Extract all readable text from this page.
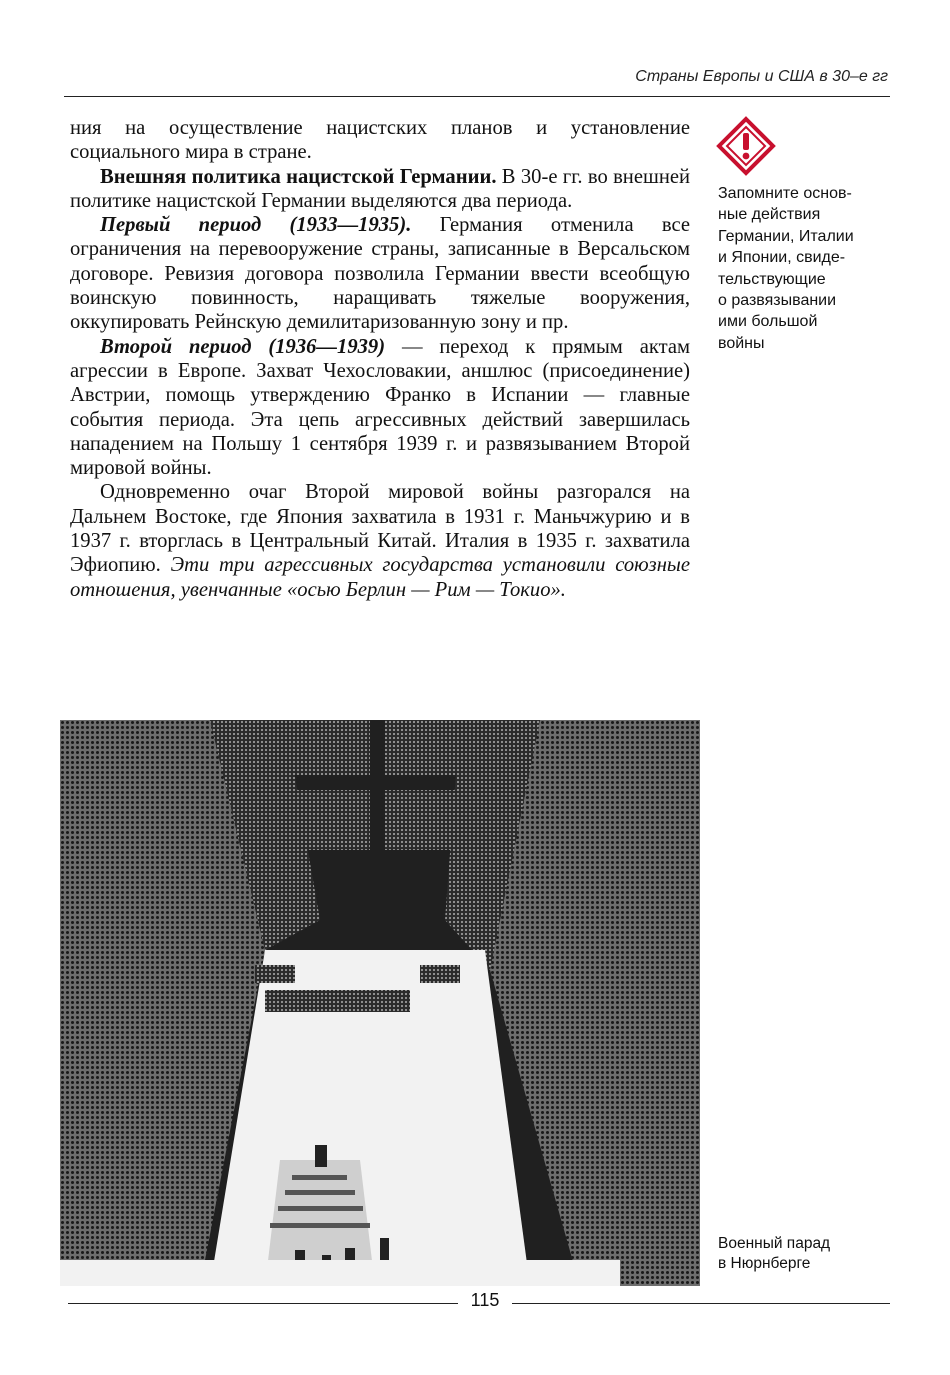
Страны Европы и США в 30–е гг

ния на осуществление нацистских планов и установление социального мира в стране.

Внешняя политика нацистской Германии. В 30-е гг. во внешней политике нацистской Германии выделяются два периода.

Первый период (1933—1935). Германия отменила все ограничения на перевооружение страны, записанные в Версальском договоре. Ревизия договора позволила Германии ввести всеобщую воинскую повинность, наращивать тяжелые вооружения, оккупировать Рейнскую демилитаризованную зону и пр.

Второй период (1936—1939) — переход к прямым актам агрессии в Европе. Захват Чехословакии, аншлюс (присоединение) Австрии, помощь утверждению Франко в Испании — главные события периода. Эта цепь агрессивных действий завершилась нападением на Польшу 1 сентября 1939 г. и развязыванием Второй мировой войны.

Одновременно очаг Второй мировой войны разгорался на Дальнем Востоке, где Япония захватила в 1931 г. Маньчжурию и в 1937 г. вторглась в Центральный Китай. Италия в 1935 г. захватила Эфиопию. Эти три агрессивных государства установили союзные отношения, увенчанные «осью Берлин — Рим — Токио».

Запомните основ-
ные действия
Германии, Италии
и Японии, свиде-
тельствующие
о развязывании
ими большой
войны
Военный парад
в Нюрнберге
115
